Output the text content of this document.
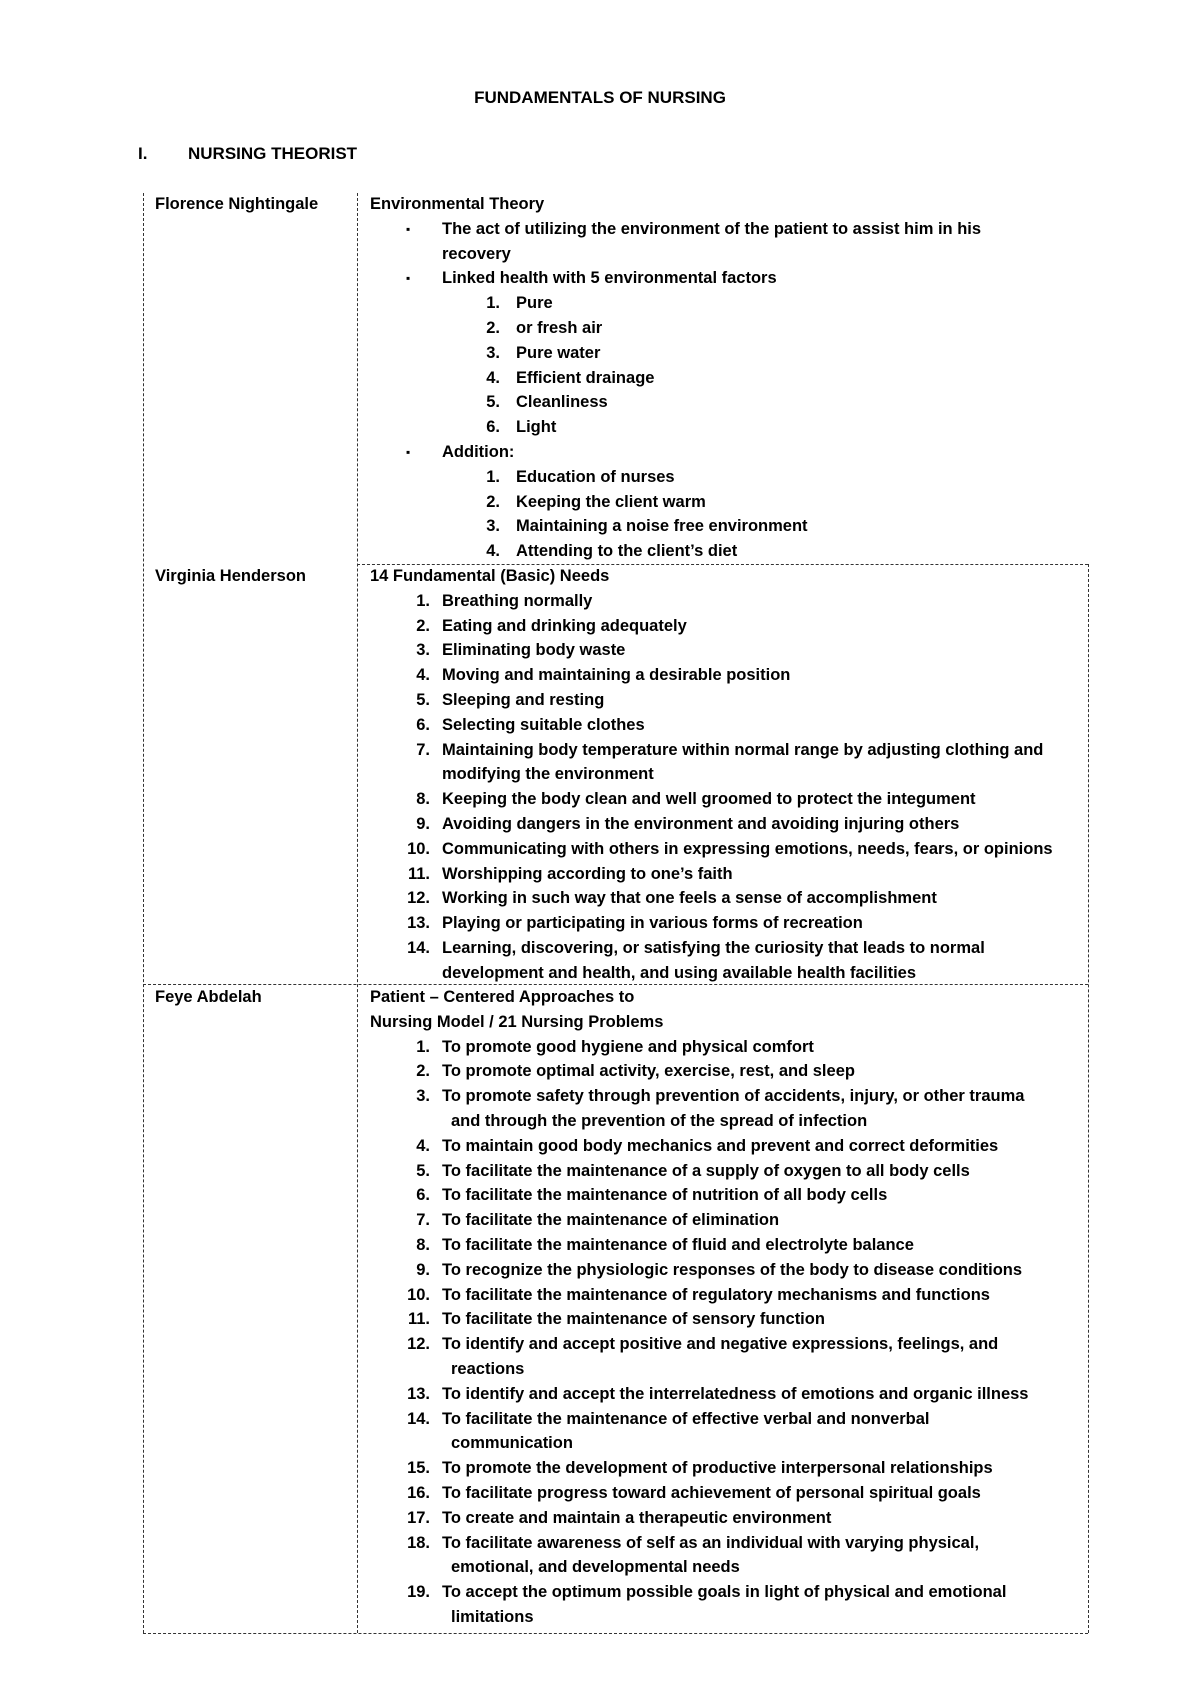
FUNDAMENTALS OF NURSING
I. NURSING THEORIST
Florence Nightingale	Environmental Theory
▪ The act of utilizing the environment of the patient to assist him in his
recovery
▪ Linked health with 5 environmental factors
1. Pure
2. or fresh air
3. Pure water
4. Efficient drainage
5. Cleanliness
6. Light
▪ Addition:
1. Education of nurses
2. Keeping the client warm
3. Maintaining a noise free environment
4. Attending to the client’s diet
Virginia Henderson	14 Fundamental (Basic) Needs
1. Breathing normally
2. Eating and drinking adequately
3. Eliminating body waste
4. Moving and maintaining a desirable position
5. Sleeping and resting
6. Selecting suitable clothes
7. Maintaining body temperature within normal range by adjusting clothing and
modifying the environment
8. Keeping the body clean and well groomed to protect the integument
9. Avoiding dangers in the environment and avoiding injuring others
10. Communicating with others in expressing emotions, needs, fears, or opinions
11. Worshipping according to one’s faith
12. Working in such way that one feels a sense of accomplishment
13. Playing or participating in various forms of recreation
14. Learning, discovering, or satisfying the curiosity that leads to normal
development and health, and using available health facilities
Feye Abdelah	Patient – Centered Approaches to
Nursing Model / 21 Nursing Problems
1. To promote good hygiene and physical comfort
2. To promote optimal activity, exercise, rest, and sleep
3. To promote safety through prevention of accidents, injury, or other trauma
and through the prevention of the spread of infection
4. To maintain good body mechanics and prevent and correct deformities
5. To facilitate the maintenance of a supply of oxygen to all body cells
6. To facilitate the maintenance of nutrition of all body cells
7. To facilitate the maintenance of elimination
8. To facilitate the maintenance of fluid and electrolyte balance
9. To recognize the physiologic responses of the body to disease conditions
10. To facilitate the maintenance of regulatory mechanisms and functions
11. To facilitate the maintenance of sensory function
12. To identify and accept positive and negative expressions, feelings, and
reactions
13. To identify and accept the interrelatedness of emotions and organic illness
14. To facilitate the maintenance of effective verbal and nonverbal
communication
15. To promote the development of productive interpersonal relationships
16. To facilitate progress toward achievement of personal spiritual goals
17. To create and maintain a therapeutic environment
18. To facilitate awareness of self as an individual with varying physical,
emotional, and developmental needs
19. To accept the optimum possible goals in light of physical and emotional
limitations
